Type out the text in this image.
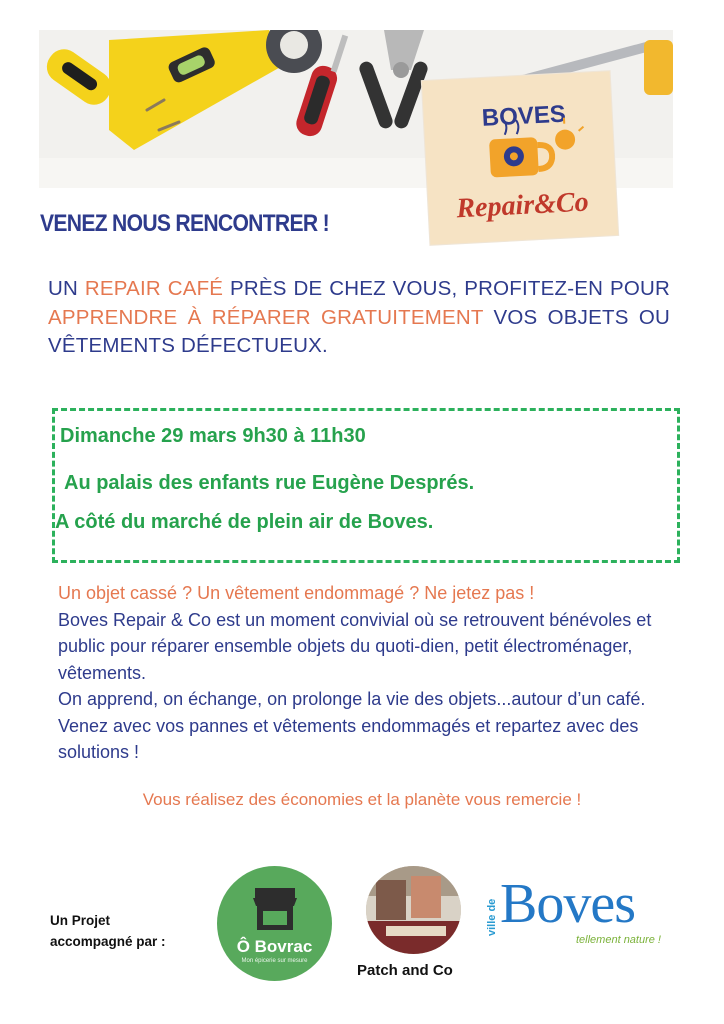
BOVES
Repair&Co
VENEZ NOUS RENCONTRER !
UN REPAIR CAFÉ PRÈS DE CHEZ VOUS, PROFITEZ-EN POUR APPRENDRE À RÉPARER GRATUITEMENT VOS OBJETS OU VÊTEMENTS DÉFECTUEUX.
Dimanche 29 mars 9h30 à 11h30
Au palais des enfants rue Eugène Després.
A côté du marché de plein air de Boves.

Un objet cassé ? Un vêtement endommagé ? Ne jetez pas !

Boves Repair & Co est un moment convivial où se retrouvent bénévoles et public pour réparer ensemble objets du quoti-dien, petit électroménager, vêtements.

On apprend, on échange, on prolonge la vie des objets...autour d’un café.

Venez avec vos pannes et vêtements endommagés et repartez avec des solutions !

Vous réalisez des économies et la planète vous remercie !
Un Projet
accompagné par :	Ô Bovrac
Mon épicerie sur mesure
Patch and Co
ville de Boves
tellement nature !
